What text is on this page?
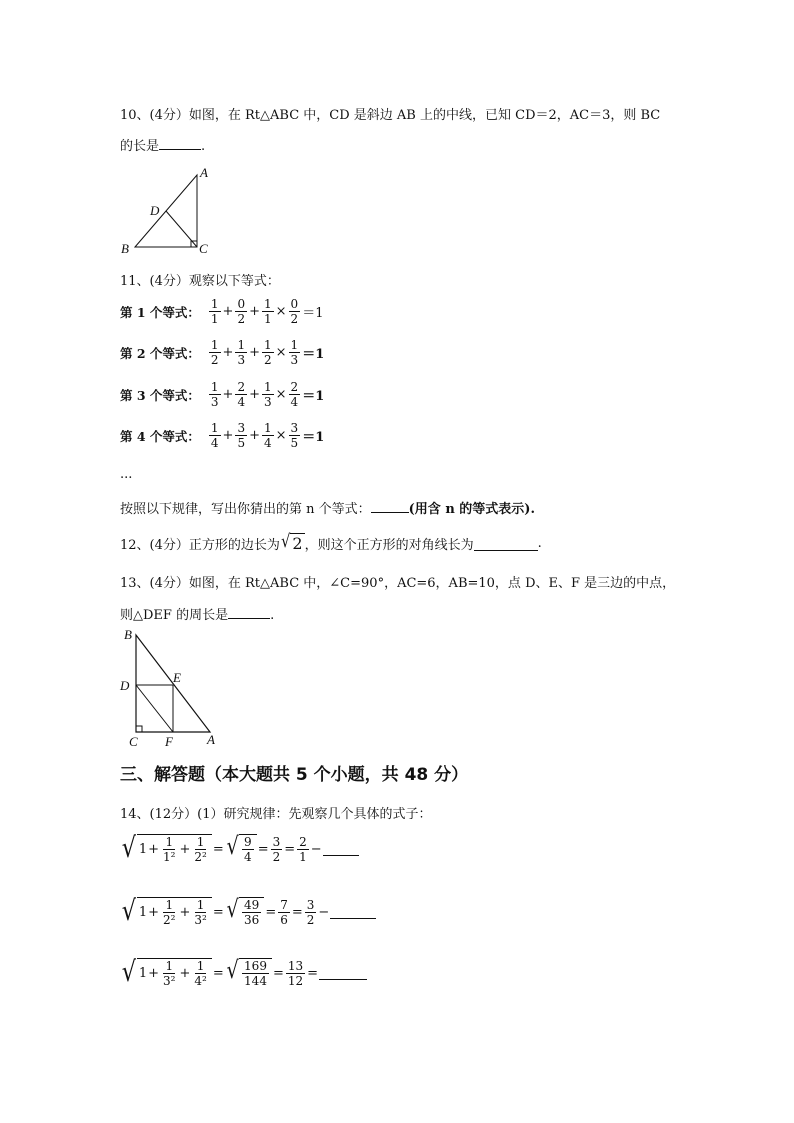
10、(4分）如图，在 Rt△ABC 中，CD 是斜边 AB 上的中线，已知 CD＝2，AC＝3，则 BC
的长是	.
A
B	C
D
11、(4分）观察以下等式：
第 1 个等式： $\frac{1}{1} + \frac{0}{2} + \frac{1}{1} \times \frac{0}{2} =1$
第 2 个等式： $\frac{1}{2} + \frac{1}{3} + \frac{1}{2} \times \frac{1}{3} =1$
第 3 个等式： $\frac{1}{3} + \frac{2}{4} + \frac{1}{3} \times \frac{2}{4} =1$
第 4 个等式： $\frac{1}{4} + \frac{3}{5} + \frac{1}{4} \times \frac{3}{5} =1$
...
按照以下规律，写出你猜出的第 n 个等式：	(用含 n 的等式表示).
12、(4分）正方形的边长为 √ 2 ，则这个正方形的对角线长为	.
13、(4分）如图，在 Rt△ABC 中，∠C=90°，AC=6，AB=10，点 D、E、F 是三边的中点，
则△DEF 的周长是	.
B
D
E
C F	A
三、解答题（本大题共 5 个小题，共 48 分）
14、(12分）(1）研究规律：先观察几个具体的式子：
√ $1 + \frac{1}{\text{1²}} + \frac{1}{\text{2²}}$ = √ $\frac{9}{4} = \frac{3}{2} = \frac{2}{1}$ −
√ $1 + \frac{1}{\text{2²}} + \frac{1}{\text{3²}}$ = √ $\frac{49}{36} = \frac{7}{6} = \frac{3}{2}$ −
√ $1 + \frac{1}{\text{3²}} + \frac{1}{\text{4²}}$ = √ $\frac{169}{144} = \frac{13}{12}$ =
